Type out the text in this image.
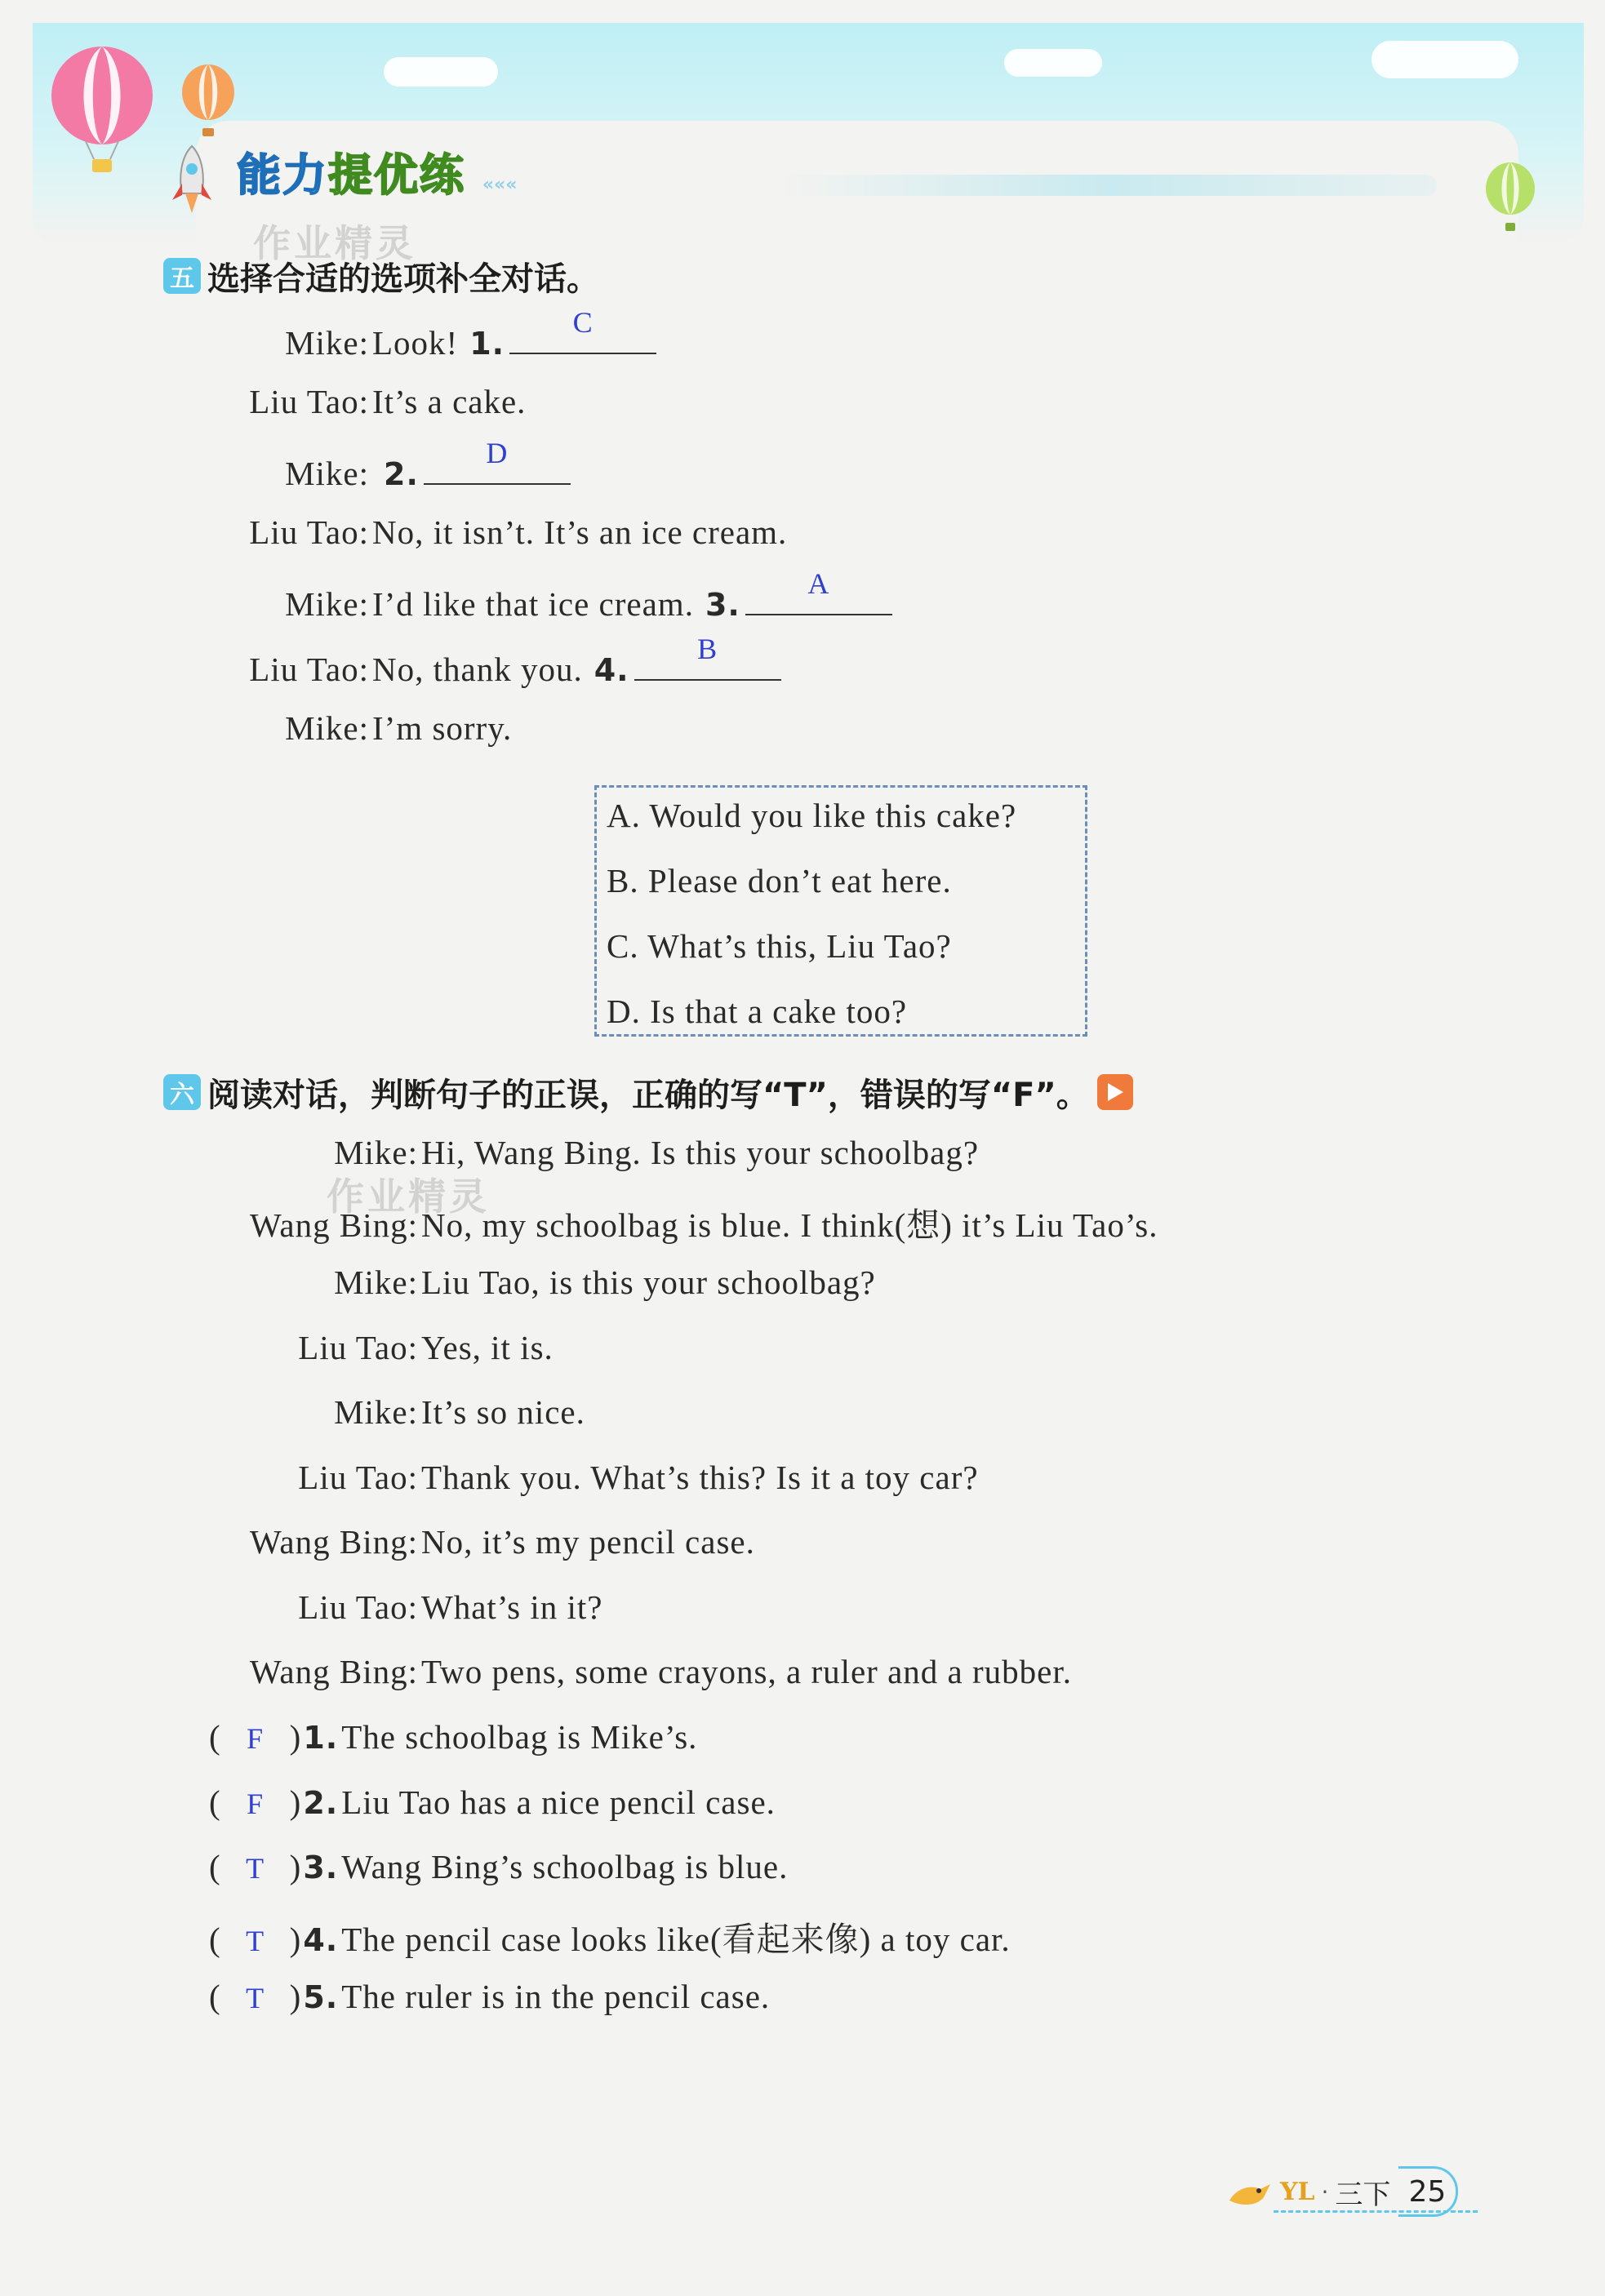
能力提优练 «««
作业精灵
作业精灵
五 选择合适的选项补全对话。
Mike: Look! 1.
C
Liu Tao: It’s a cake.
Mike: 2.
D
Liu Tao: No, it isn’t. It’s an ice cream.
Mike: I’d like that ice cream. 3.
A
Liu Tao: No, thank you. 4.
B
Mike: I’m sorry.
A. Would you like this cake?
B. Please don’t eat here.
C. What’s this, Liu Tao?
D. Is that a cake too?
六 阅读对话，判断句子的正误，正确的写“T”，错误的写“F”。
Mike: Hi, Wang Bing. Is this your schoolbag?
Wang Bing: No, my schoolbag is blue. I think(想) it’s Liu Tao’s.
Mike: Liu Tao, is this your schoolbag?
Liu Tao: Yes, it is.
Mike: It’s so nice.
Liu Tao: Thank you. What’s this? Is it a toy car?
Wang Bing: No, it’s my pencil case.
Liu Tao: What’s in it?
Wang Bing: Two pens, some crayons, a ruler and a rubber.
( F ) 1. The schoolbag is Mike’s.
( F ) 2. Liu Tao has a nice pencil case.
( T ) 3. Wang Bing’s schoolbag is blue.
( T ) 4. The pencil case looks like(看起来像) a toy car.
( T ) 5. The ruler is in the pencil case.
YL · 三下 25
